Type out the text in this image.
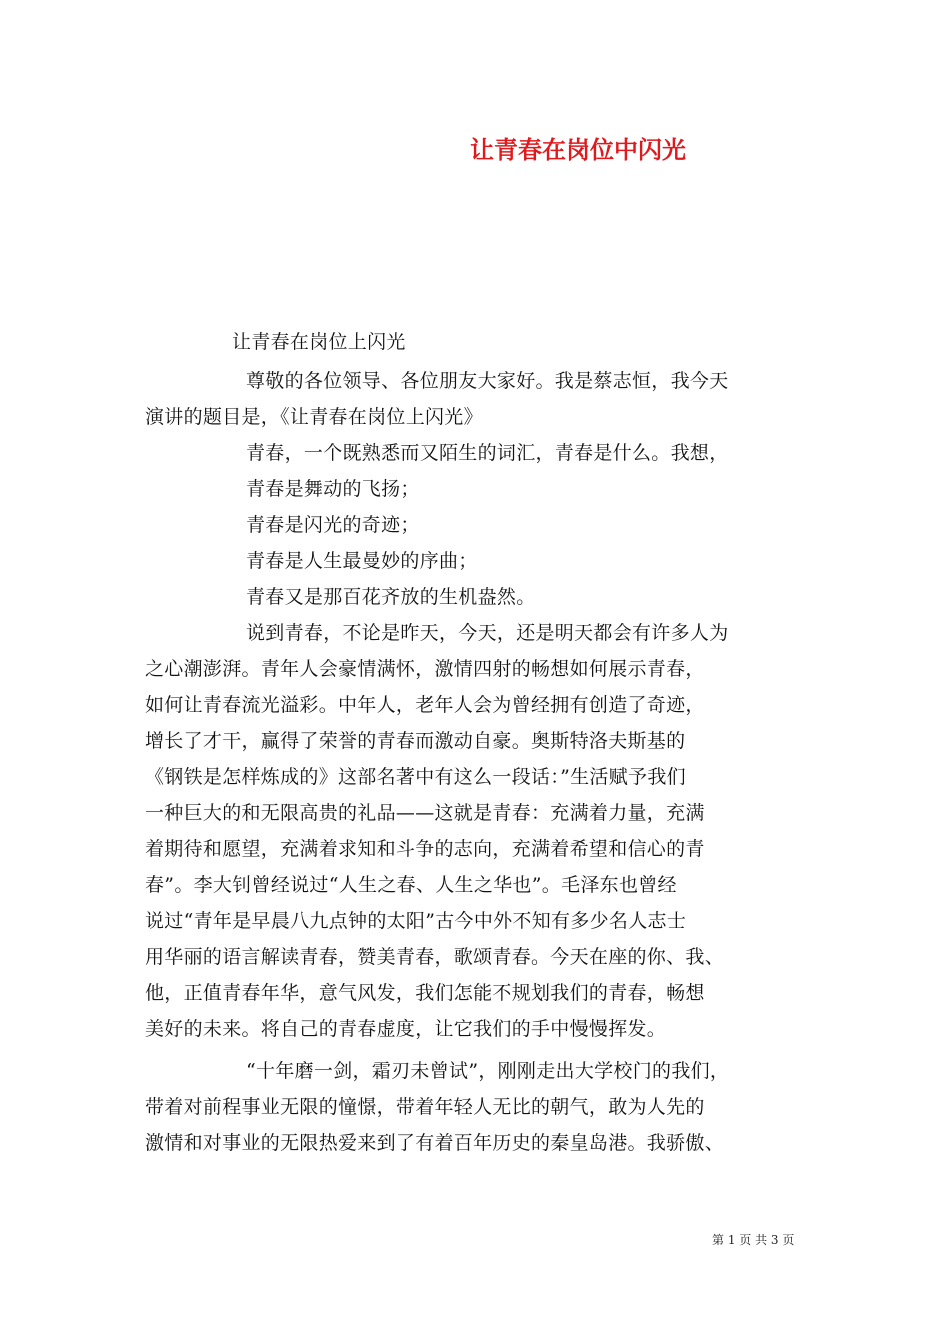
让青春在岗位中闪光
让青春在岗位上闪光
尊敬的各位领导、各位朋友大家好。我是蔡志恒，我今天
演讲的题目是，《让青春在岗位上闪光》
青春，一个既熟悉而又陌生的词汇，青春是什么。我想，
青春是舞动的飞扬；
青春是闪光的奇迹；
青春是人生最曼妙的序曲；
青春又是那百花齐放的生机盎然。
说到青春，不论是昨天，今天，还是明天都会有许多人为
之心潮澎湃。青年人会豪情满怀，激情四射的畅想如何展示青春，
如何让青春流光溢彩。中年人，老年人会为曾经拥有创造了奇迹，
增长了才干，赢得了荣誉的青春而激动自豪。奥斯特洛夫斯基的
《钢铁是怎样炼成的》这部名著中有这么一段话：”生活赋予我们
一种巨大的和无限高贵的礼品——这就是青春：充满着力量，充满
着期待和愿望，充满着求知和斗争的志向，充满着希望和信心的青
春”。李大钊曾经说过“人生之春、人生之华也”。毛泽东也曾经
说过“青年是早晨八九点钟的太阳”古今中外不知有多少名人志士
用华丽的语言解读青春，赞美青春，歌颂青春。今天在座的你、我、
他，正值青春年华，意气风发，我们怎能不规划我们的青春，畅想
美好的未来。将自己的青春虚度，让它我们的手中慢慢挥发。
“十年磨一剑，霜刃未曾试”，刚刚走出大学校门的我们，
带着对前程事业无限的憧憬，带着年轻人无比的朝气，敢为人先的
激情和对事业的无限热爱来到了有着百年历史的秦皇岛港。我骄傲、
第 1 页 共 3 页
